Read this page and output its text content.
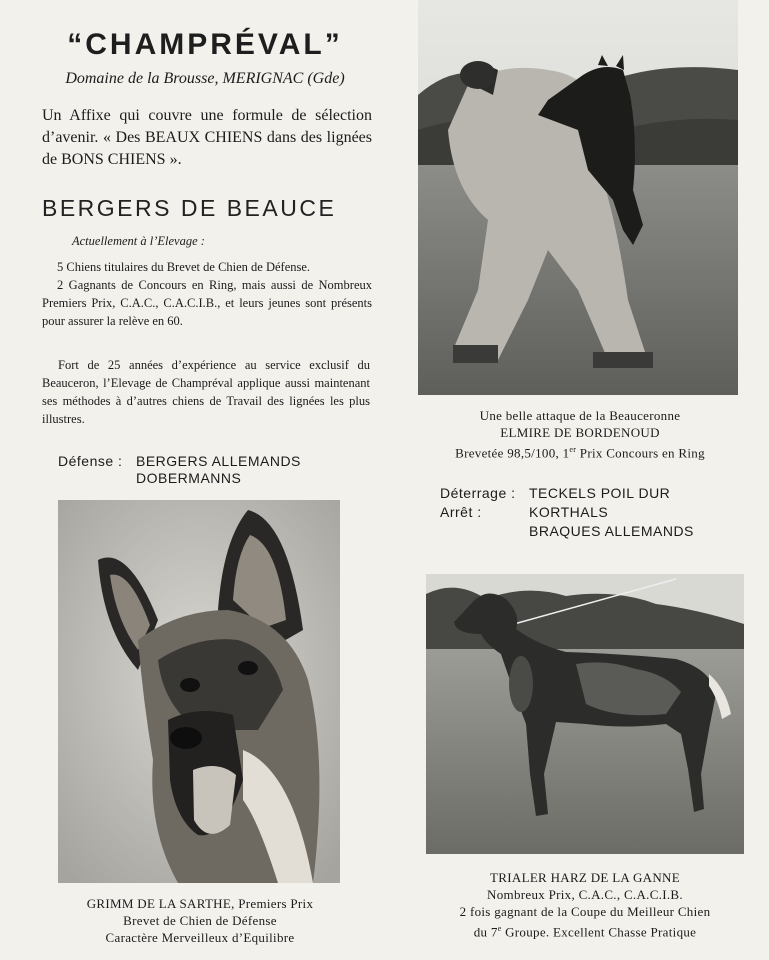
“CHAMPRÉVAL”
Domaine de la Brousse, MERIGNAC (Gde)
Un Affixe qui couvre une formule de sélection d’avenir. « Des BEAUX CHIENS dans des lignées de BONS CHIENS ».
BERGERS DE BEAUCE
Actuellement à l’Elevage :
5 Chiens titulaires du Brevet de Chien de Défense.
2 Gagnants de Concours en Ring, mais aussi de Nombreux Premiers Prix, C.A.C., C.A.C.I.B., et leurs jeunes sont présents pour assurer la relève en 60.
Fort de 25 années d’expérience au service exclusif du Beauceron, l’Elevage de Champréval applique aussi maintenant ses méthodes à d’autres chiens de Travail des lignées les plus illustres.
Défense : BERGERS ALLEMANDS
DOBERMANNS
Une belle attaque de la Beauceronne
ELMIRE DE BORDENOUD
Brevetée 98,5/100, 1er Prix Concours en Ring
Déterrage : TECKELS POIL DUR
Arrêt :	KORTHALS
BRAQUES ALLEMANDS
GRIMM DE LA SARTHE, Premiers Prix
Brevet de Chien de Défense
Caractère Merveilleux d’Equilibre
TRIALER HARZ DE LA GANNE
Nombreux Prix, C.A.C., C.A.C.I.B.
2 fois gagnant de la Coupe du Meilleur Chien
du 7e Groupe. Excellent Chasse Pratique
